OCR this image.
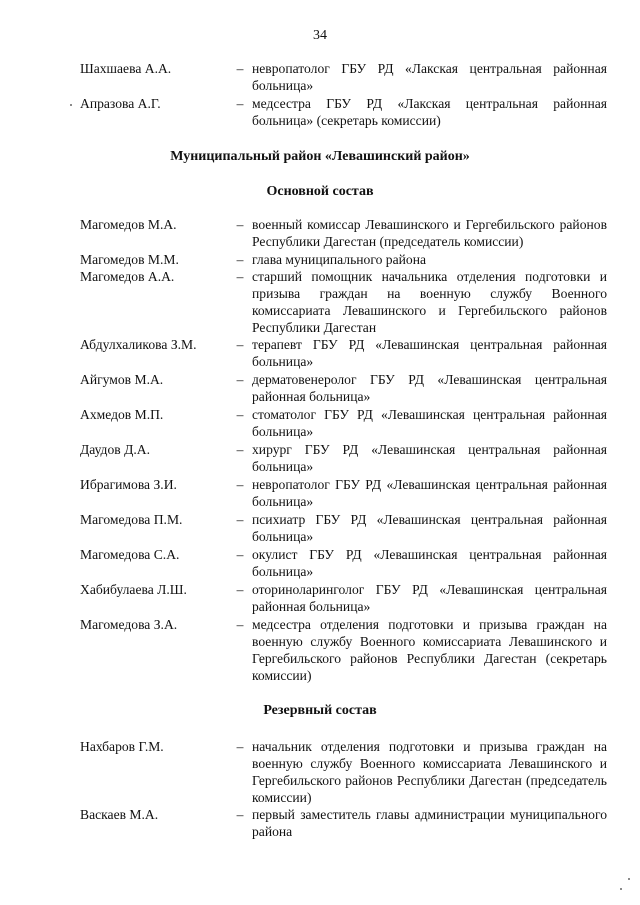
34
Шахшаева А.А.	– невропатолог ГБУ РД «Лакская центральная районная больница»
Апразова А.Г.	– медсестра ГБУ РД «Лакская центральная районная больница» (секретарь комиссии)
Муниципальный район «Левашинский район»
Основной состав
Магомедов М.А.	– военный комиссар Левашинского и Гергебильского районов Республики Дагестан (председатель комиссии)
Магомедов М.М.	– глава муниципального района
Магомедов А.А.	– старший помощник начальника отделения подготовки и призыва граждан на военную службу Военного комиссариата Левашинского и Гергебильского районов Республики Дагестан
Абдулхаликова З.М.	– терапевт ГБУ РД «Левашинская центральная районная больница»
Айгумов М.А.	– дерматовенеролог ГБУ РД «Левашинская центральная районная больница»
Ахмедов М.П.	– стоматолог ГБУ РД «Левашинская центральная районная больница»
Даудов Д.А.	– хирург ГБУ РД «Левашинская центральная районная больница»
Ибрагимова З.И.	– невропатолог ГБУ РД «Левашинская центральная районная больница»
Магомедова П.М.	– психиатр ГБУ РД «Левашинская центральная районная больница»
Магомедова С.А.	– окулист ГБУ РД «Левашинская центральная районная больница»
Хабибулаева Л.Ш.	– оториноларинголог ГБУ РД «Левашинская центральная районная больница»
Магомедова З.А.	– медсестра отделения подготовки и призыва граждан на военную службу Военного комиссариата Левашинского и Гергебильского районов Республики Дагестан (секретарь комиссии)
Резервный состав
Нахбаров Г.М.	– начальник отделения подготовки и призыва граждан на военную службу Военного комиссариата Левашинского и Гергебильского районов Республики Дагестан (председатель комиссии)
Васкаев М.А.	– первый заместитель главы администрации муниципального района
